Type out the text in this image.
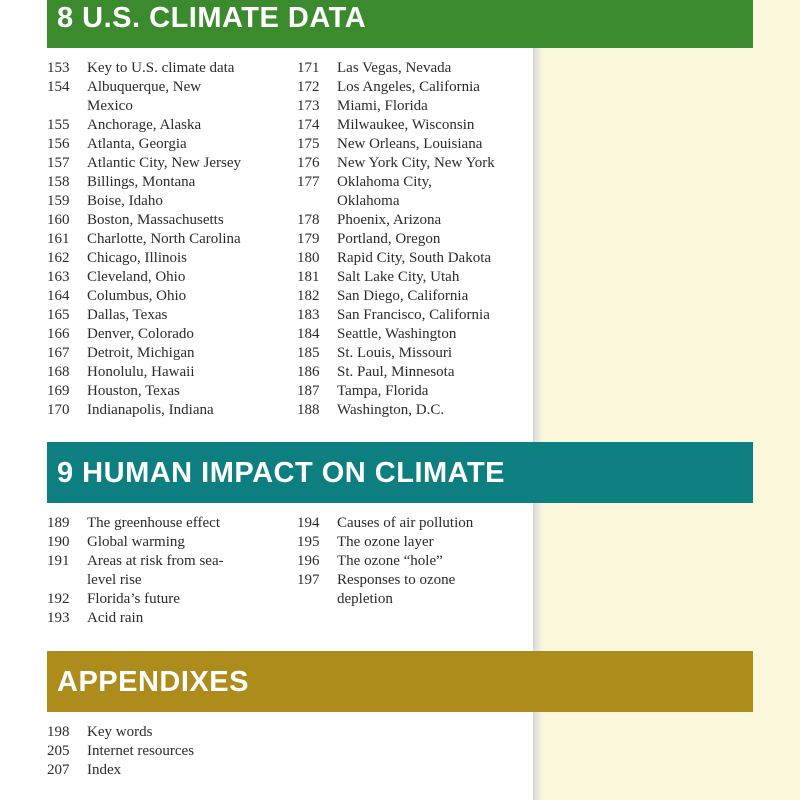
8 U.S. CLIMATE DATA
153	Key to U.S. climate data
154	Albuquerque, New
Mexico
155	Anchorage, Alaska
156	Atlanta, Georgia
157	Atlantic City, New Jersey
158	Billings, Montana
159	Boise, Idaho
160	Boston, Massachusetts
161	Charlotte, North Carolina
162	Chicago, Illinois
163	Cleveland, Ohio
164	Columbus, Ohio
165	Dallas, Texas
166	Denver, Colorado
167	Detroit, Michigan
168	Honolulu, Hawaii
169	Houston, Texas
170	Indianapolis, Indiana
171	Las Vegas, Nevada
172	Los Angeles, California
173	Miami, Florida
174	Milwaukee, Wisconsin
175	New Orleans, Louisiana
176	New York City, New York
177	Oklahoma City,
Oklahoma
178	Phoenix, Arizona
179	Portland, Oregon
180	Rapid City, South Dakota
181	Salt Lake City, Utah
182	San Diego, California
183	San Francisco, California
184	Seattle, Washington
185	St. Louis, Missouri
186	St. Paul, Minnesota
187	Tampa, Florida
188	Washington, D.C.
9 HUMAN IMPACT ON CLIMATE
189	The greenhouse effect
190	Global warming
191	Areas at risk from sea-
level rise
192	Florida’s future
193	Acid rain
194	Causes of air pollution
195	The ozone layer
196	The ozone “hole”
197	Responses to ozone
depletion
APPENDIXES
198	Key words
205	Internet resources
207	Index
